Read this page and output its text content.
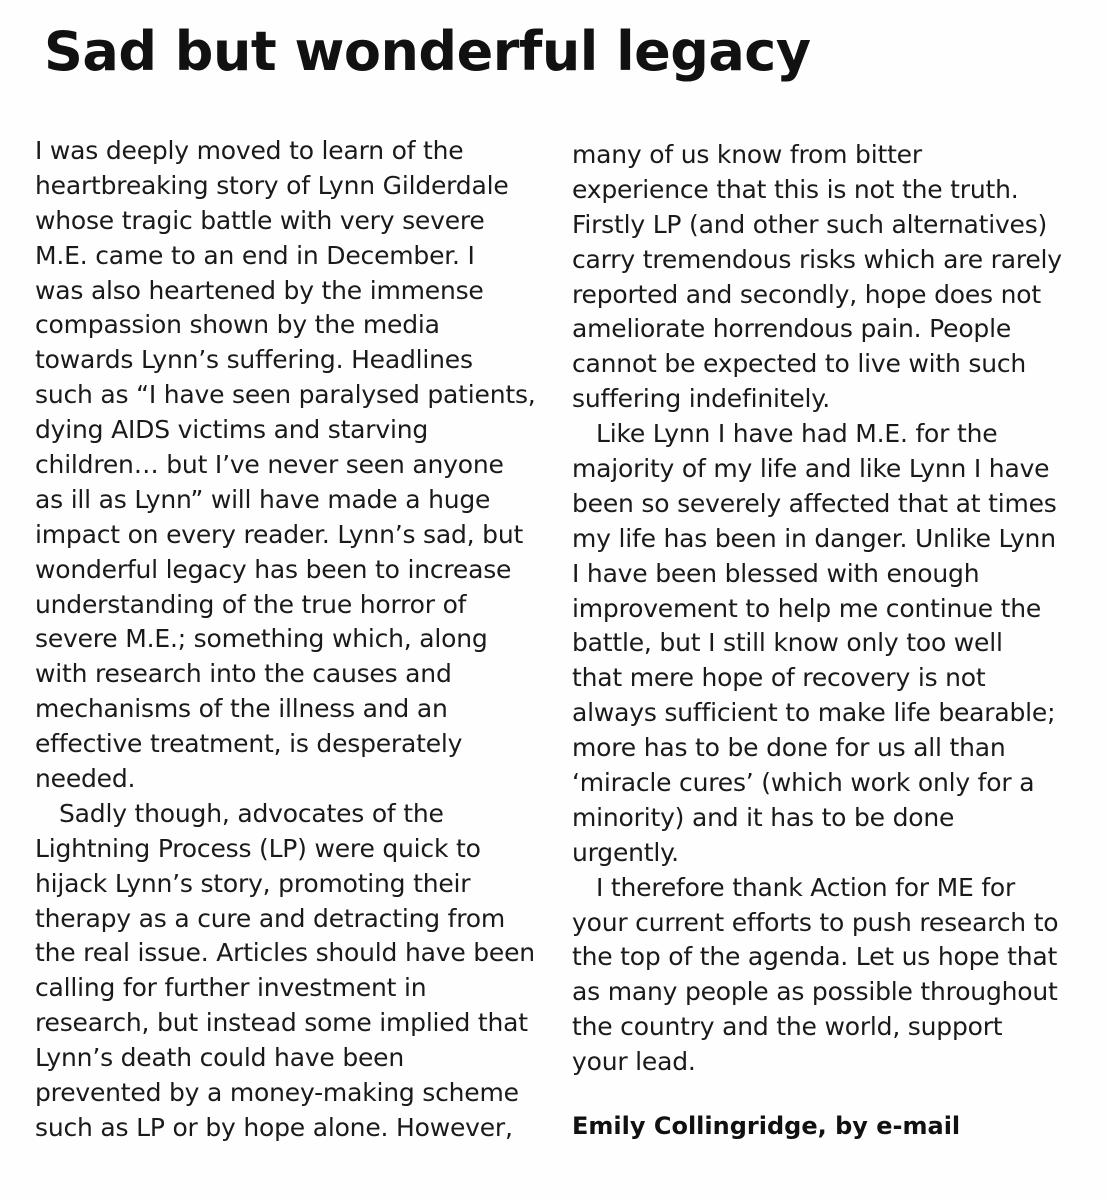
Sad but wonderful legacy
I was deeply moved to learn of the
heartbreaking story of Lynn Gilderdale
whose tragic battle with very severe
M.E. came to an end in December. I
was also heartened by the immense
compassion shown by the media
towards Lynn’s suffering. Headlines
such as “I have seen paralysed patients,
dying AIDS victims and starving
children… but I’ve never seen anyone
as ill as Lynn” will have made a huge
impact on every reader. Lynn’s sad, but
wonderful legacy has been to increase
understanding of the true horror of
severe M.E.; something which, along
with research into the causes and
mechanisms of the illness and an
effective treatment, is desperately
needed.
Sadly though, advocates of the
Lightning Process (LP) were quick to
hijack Lynn’s story, promoting their
therapy as a cure and detracting from
the real issue. Articles should have been
calling for further investment in
research, but instead some implied that
Lynn’s death could have been
prevented by a money-making scheme
such as LP or by hope alone. However,
many of us know from bitter
experience that this is not the truth.
Firstly LP (and other such alternatives)
carry tremendous risks which are rarely
reported and secondly, hope does not
ameliorate horrendous pain. People
cannot be expected to live with such
suffering indefinitely.
Like Lynn I have had M.E. for the
majority of my life and like Lynn I have
been so severely affected that at times
my life has been in danger. Unlike Lynn
I have been blessed with enough
improvement to help me continue the
battle, but I still know only too well
that mere hope of recovery is not
always sufficient to make life bearable;
more has to be done for us all than
‘miracle cures’ (which work only for a
minority) and it has to be done
urgently.
I therefore thank Action for ME for
your current efforts to push research to
the top of the agenda. Let us hope that
as many people as possible throughout
the country and the world, support
your lead.

Emily Collingridge, by e-mail
